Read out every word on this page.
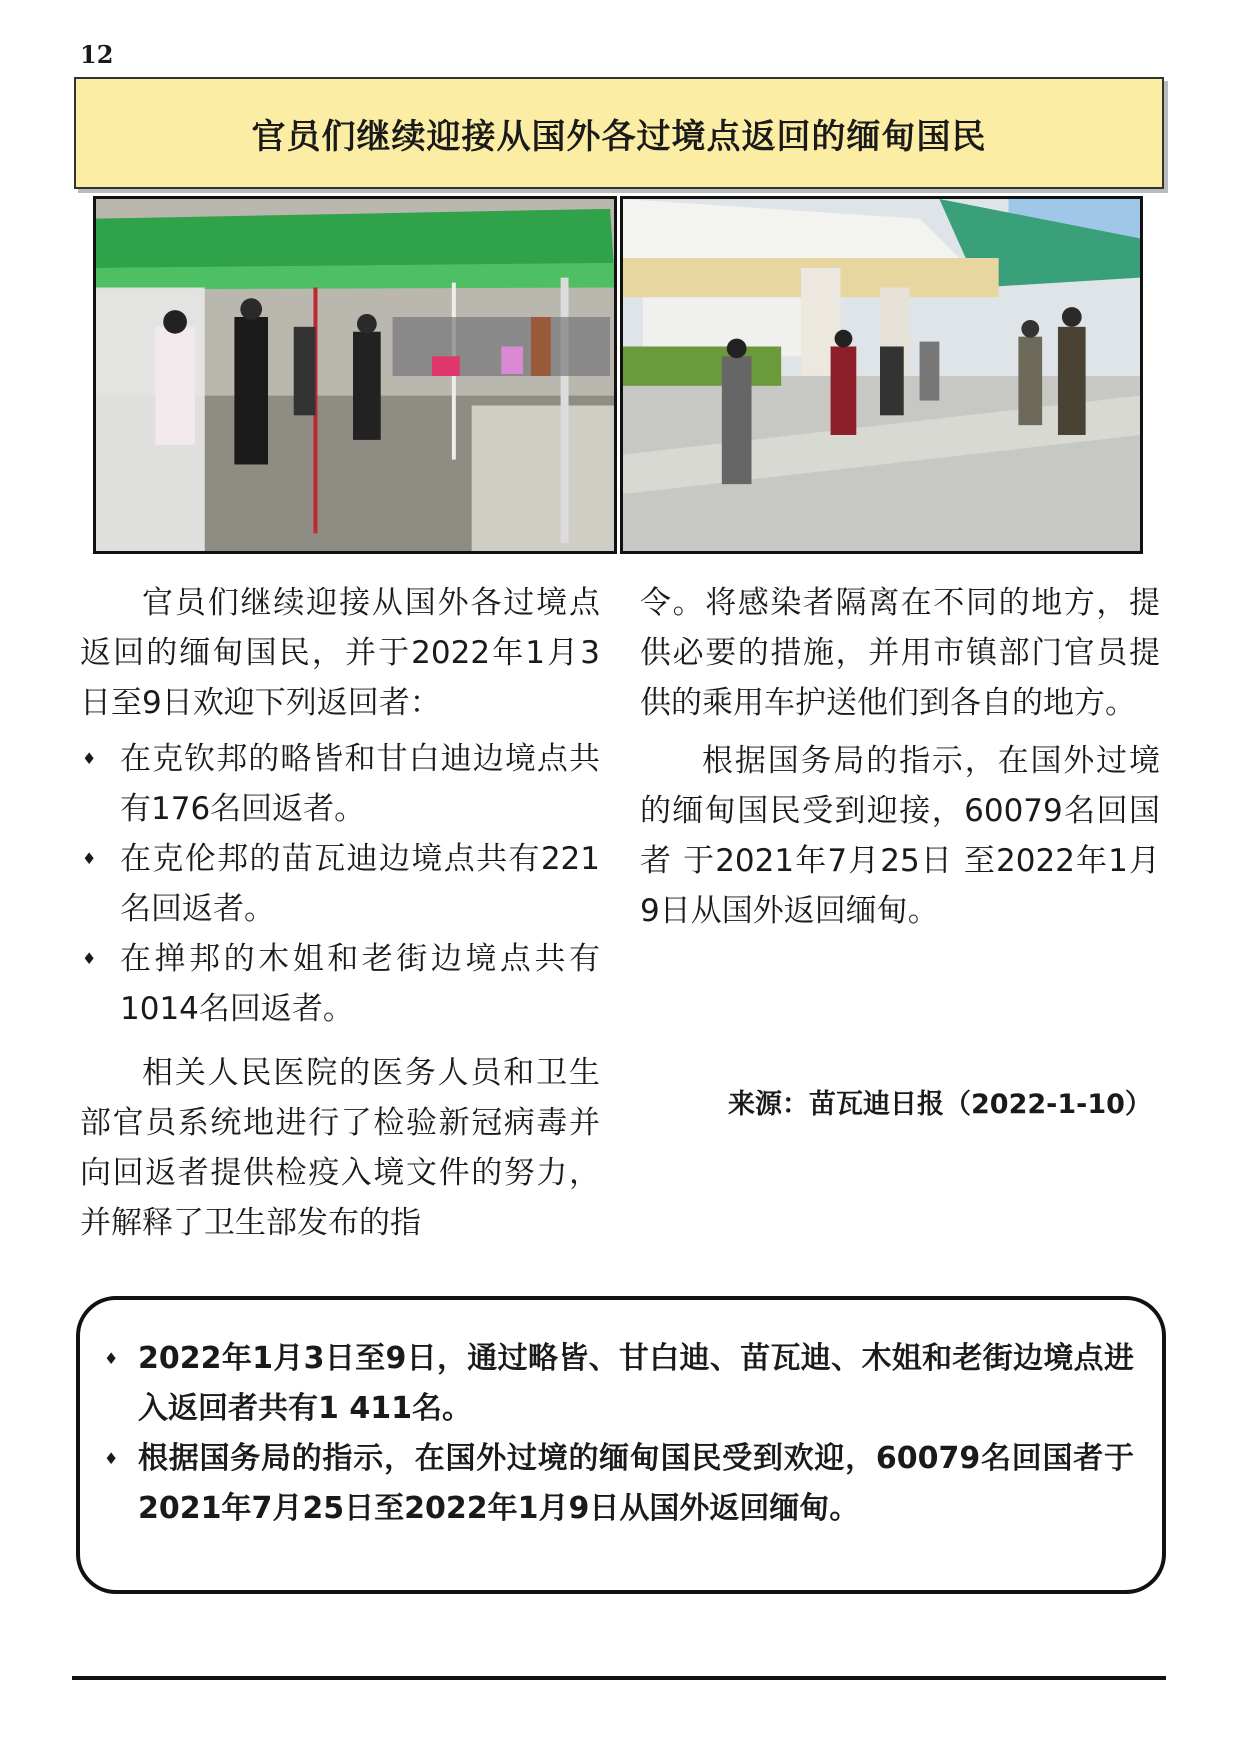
12
官员们继续迎接从国外各过境点返回的缅甸国民

官员们继续迎接从国外各过境点返回的缅甸国民，并于2022年1月3日至9日欢迎下列返回者：

♦ 在克钦邦的略皆和甘白迪边境点共有176名回返者。
♦ 在克伦邦的苗瓦迪边境点共有221名回返者。
♦ 在掸邦的木姐和老街边境点共有1014名回返者。

相关人民医院的医务人员和卫生部官员系统地进行了检验新冠病毒并向回返者提供检疫入境文件的努力，并解释了卫生部发布的指

令。将感染者隔离在不同的地方，提供必要的措施，并用市镇部门官员提供的乘用车护送他们到各自的地方。

根据国务局的指示，在国外过境的缅甸国民受到迎接，60079名回国 者 于2021年7月25日 至2022年1月9日从国外返回缅甸。

来源：苗瓦迪日报（2022-1-10）
♦ 2022年1月3日至9日，通过略皆、甘白迪、苗瓦迪、木姐和老街边境点进入返回者共有1 411名。
♦ 根据国务局的指示，在国外过境的缅甸国民受到欢迎，60079名回国者于2021年7月25日至2022年1月9日从国外返回缅甸。
